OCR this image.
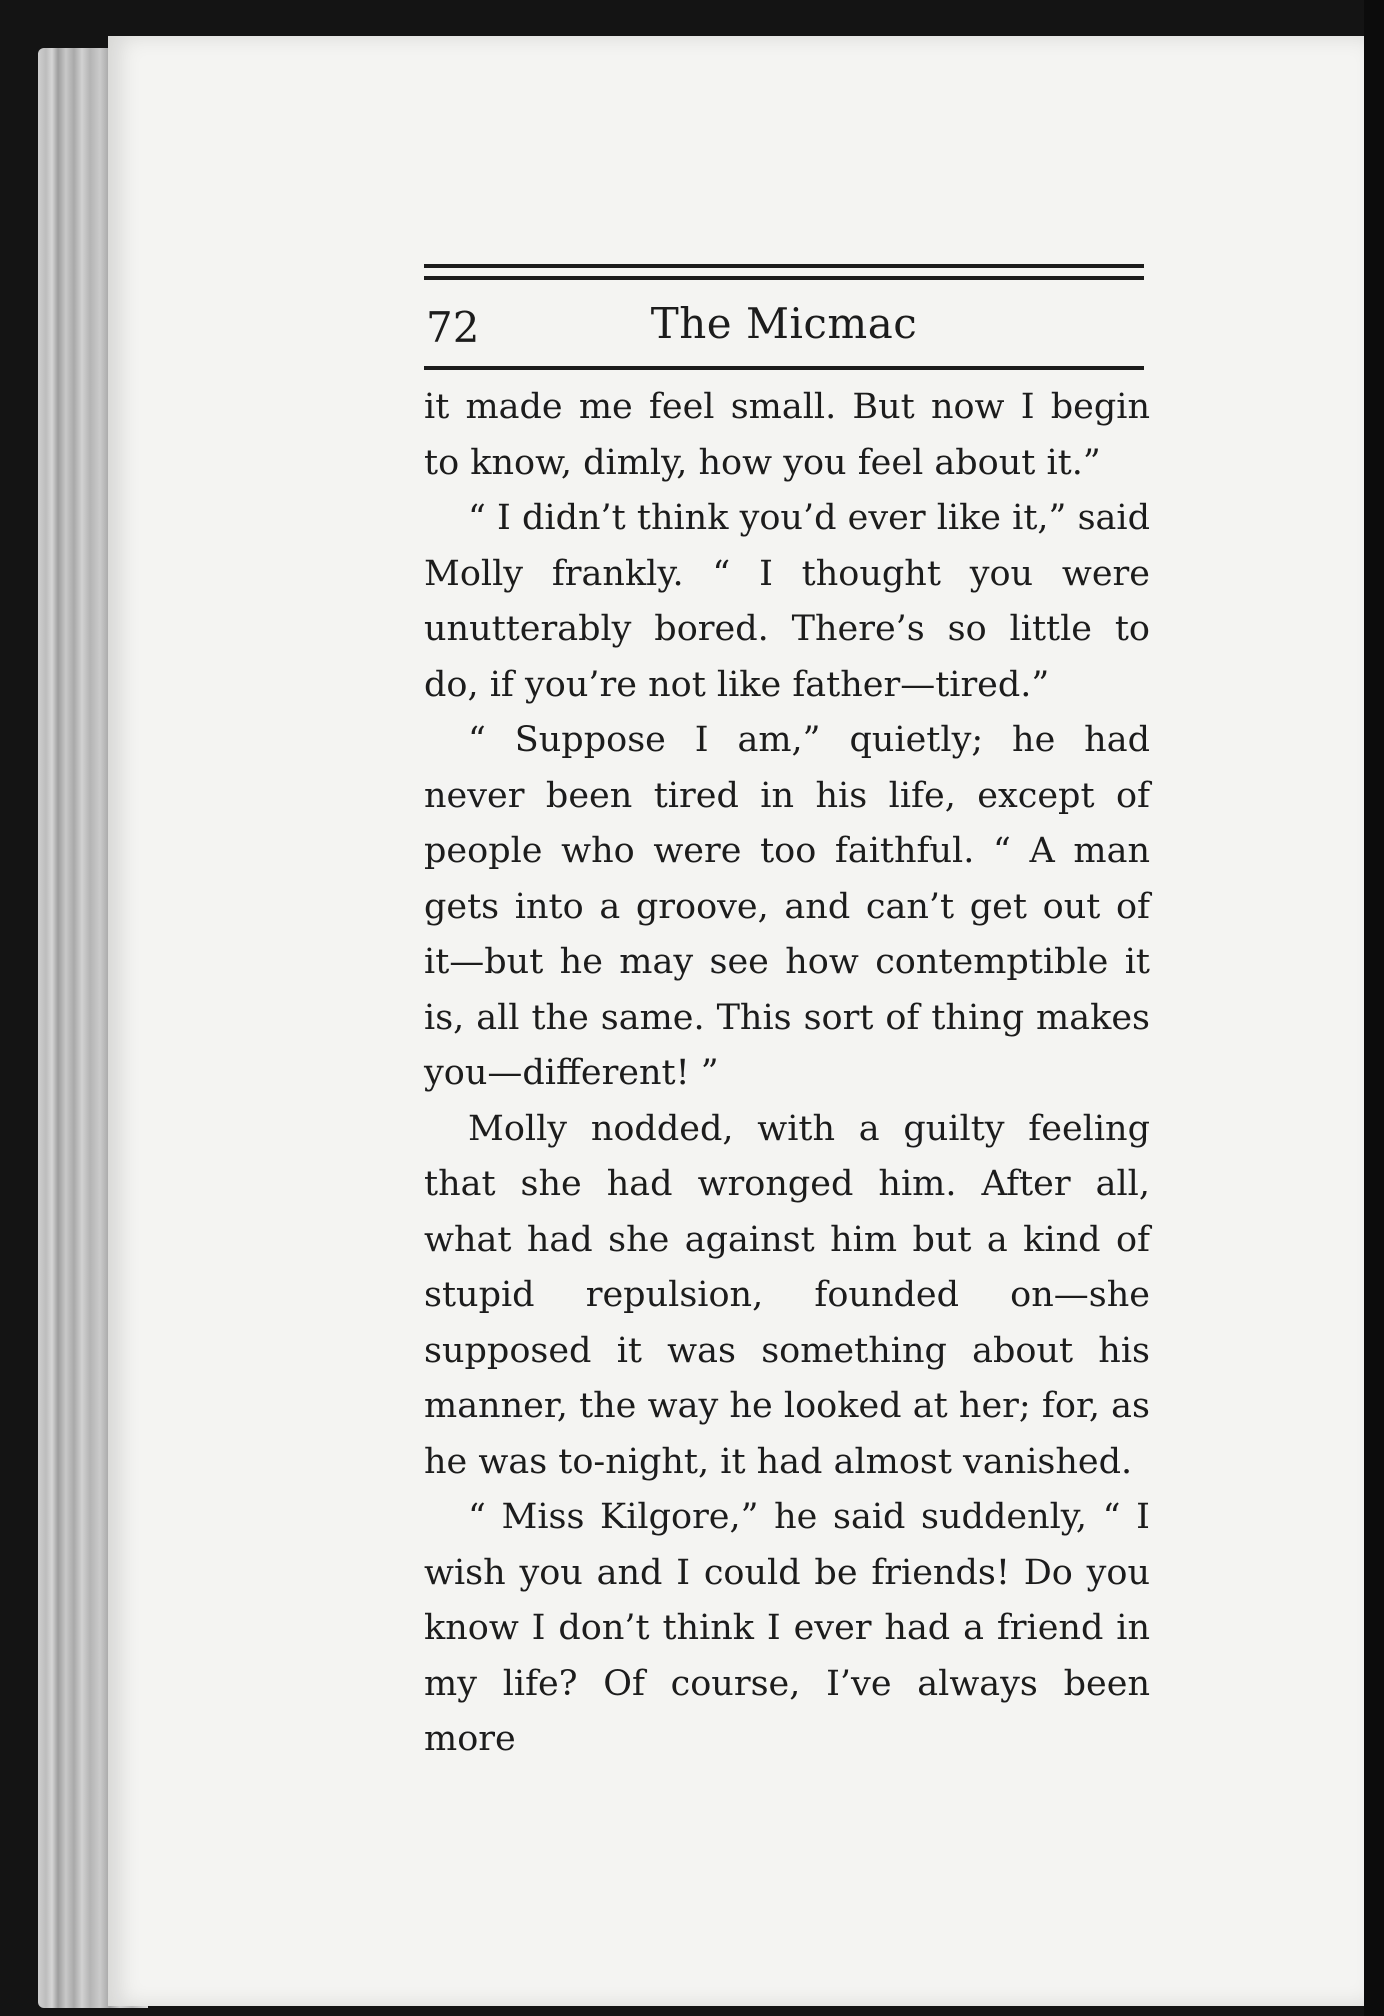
72	The Micmac

it made me feel small. But now I begin to know, dimly, how you feel about it.”

“ I didn’t think you’d ever like it,” said Molly frankly. “ I thought you were unutterably bored. There’s so little to do, if you’re not like father—tired.”

“ Suppose I am,” quietly; he had never been tired in his life, except of people who were too faithful. “ A man gets into a groove, and can’t get out of it—but he may see how contemptible it is, all the same. This sort of thing makes you—different! ”

Molly nodded, with a guilty feeling that she had wronged him. After all, what had she against him but a kind of stupid repulsion, founded on—she supposed it was something about his manner, the way he looked at her; for, as he was to-night, it had almost vanished.

“ Miss Kilgore,” he said suddenly, “ I wish you and I could be friends! Do you know I don’t think I ever had a friend in my life? Of course, I’ve always been more
